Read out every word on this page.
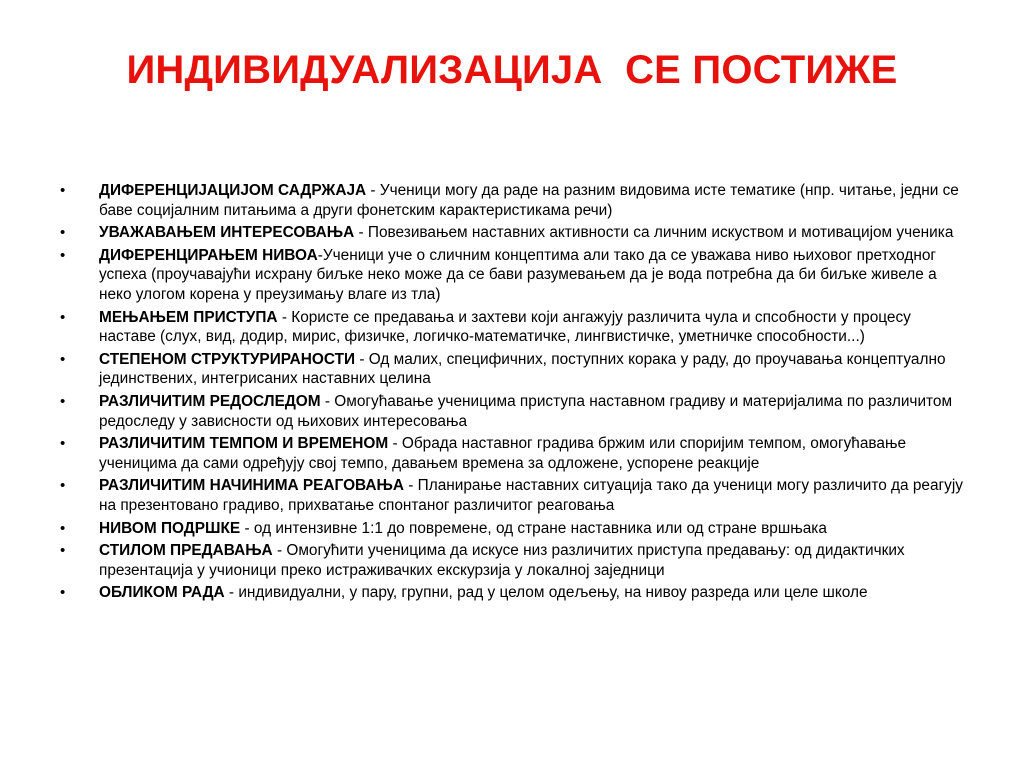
ИНДИВИДУАЛИЗАЦИЈА  СЕ ПОСТИЖЕ
•	ДИФЕРЕНЦИЈАЦИЈОМ САДРЖАЈА - Ученици могу да раде на разним видовима исте тематике (нпр. читање, једни се баве социјалним питањима а други фонетским карактеристикама речи)
•	УВАЖАВАЊЕМ ИНТЕРЕСОВАЊА - Повезивањем наставних активности са личним искуством и мотивацијом ученика
•	ДИФЕРЕНЦИРАЊЕМ НИВОА-Ученици уче о сличним концептима али тако да се уважава ниво њиховог претходног успеха (проучавајући исхрану биљке неко може да се бави разумевањем да је вода потребна да би биљке живеле а неко улогом корена у преузимању влаге из тла)
•	МЕЊАЊЕМ ПРИСТУПА - Користе се предавања и захтеви који ангажују различита чула и спсобности у процесу наставе (слух, вид, додир, мирис, физичке, логичко-математичке, лингвистичке, уметничке способности...)
•	СТЕПЕНОМ СТРУКТУРИРАНОСТИ - Од малих, специфичних, поступних корака у раду, до проучавања концептуално јединствених, интегрисаних наставних целина
•	РАЗЛИЧИТИМ РЕДОСЛЕДОМ - Омогућавање ученицима приступа наставном градиву и материјалима по различитом редоследу у зависности од њихових интересовања
•	РАЗЛИЧИТИМ ТЕМПОМ И ВРЕМЕНОМ - Обрада наставног градива бржим или споријим темпом, омогућавање ученицима да сами одређују свој темпо, давањем времена за одложене, успорене реакције
•	РАЗЛИЧИТИМ НАЧИНИМА РЕАГОВАЊА - Планирање наставних ситуација тако да ученици могу различито да реагују на презентовано градиво, прихватање спонтаног различитог реаговања
•	НИВОМ ПОДРШКЕ - од интензивне 1:1 до повремене, од стране наставника или од стране вршњака
•	СТИЛОМ ПРЕДАВАЊА - Омогућити ученицима да искусе низ различитих приступа предавању: од дидактичких презентација у учионици преко истраживачких екскурзија у локалној заједници
•	ОБЛИКОМ РАДА - индивидуални, у пару, групни, рад у целом одељењу, на нивоу разреда или целе школе
